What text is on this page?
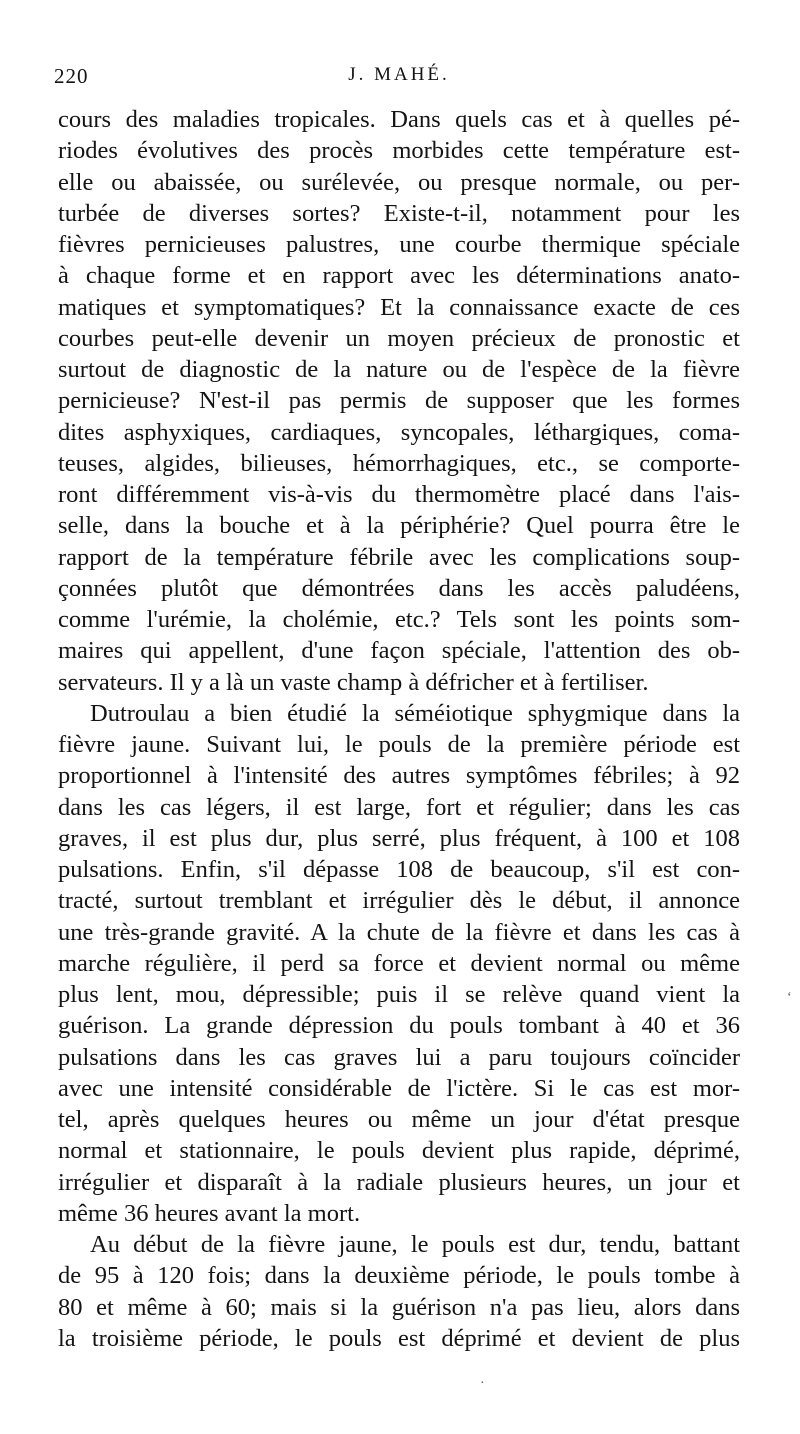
220	J. MAHÉ.
cours des maladies tropicales. Dans quels cas et à quelles pé-
riodes évolutives des procès morbides cette température est-
elle ou abaissée, ou surélevée, ou presque normale, ou per-
turbée de diverses sortes? Existe-t-il, notamment pour les
fièvres pernicieuses palustres, une courbe thermique spéciale
à chaque forme et en rapport avec les déterminations anato-
matiques et symptomatiques? Et la connaissance exacte de ces
courbes peut-elle devenir un moyen précieux de pronostic et
surtout de diagnostic de la nature ou de l'espèce de la fièvre
pernicieuse? N'est-il pas permis de supposer que les formes
dites asphyxiques, cardiaques, syncopales, léthargiques, coma-
teuses, algides, bilieuses, hémorrhagiques, etc., se comporte-
ront différemment vis-à-vis du thermomètre placé dans l'ais-
selle, dans la bouche et à la périphérie? Quel pourra être le
rapport de la température fébrile avec les complications soup-
çonnées plutôt que démontrées dans les accès paludéens,
comme l'urémie, la cholémie, etc.? Tels sont les points som-
maires qui appellent, d'une façon spéciale, l'attention des ob-
servateurs. Il y a là un vaste champ à défricher et à fertiliser.
Dutroulau a bien étudié la séméiotique sphygmique dans la
fièvre jaune. Suivant lui, le pouls de la première période est
proportionnel à l'intensité des autres symptômes fébriles; à 92
dans les cas légers, il est large, fort et régulier; dans les cas
graves, il est plus dur, plus serré, plus fréquent, à 100 et 108
pulsations. Enfin, s'il dépasse 108 de beaucoup, s'il est con-
tracté, surtout tremblant et irrégulier dès le début, il annonce
une très-grande gravité. A la chute de la fièvre et dans les cas à
marche régulière, il perd sa force et devient normal ou même
plus lent, mou, dépressible; puis il se relève quand vient la
guérison. La grande dépression du pouls tombant à 40 et 36
pulsations dans les cas graves lui a paru toujours coïncider
avec une intensité considérable de l'ictère. Si le cas est mor-
tel, après quelques heures ou même un jour d'état presque
normal et stationnaire, le pouls devient plus rapide, déprimé,
irrégulier et disparaît à la radiale plusieurs heures, un jour et
même 36 heures avant la mort.
Au début de la fièvre jaune, le pouls est dur, tendu, battant
de 95 à 120 fois; dans la deuxième période, le pouls tombe à
80 et même à 60; mais si la guérison n'a pas lieu, alors dans
la troisième période, le pouls est déprimé et devient de plus
‘
·
